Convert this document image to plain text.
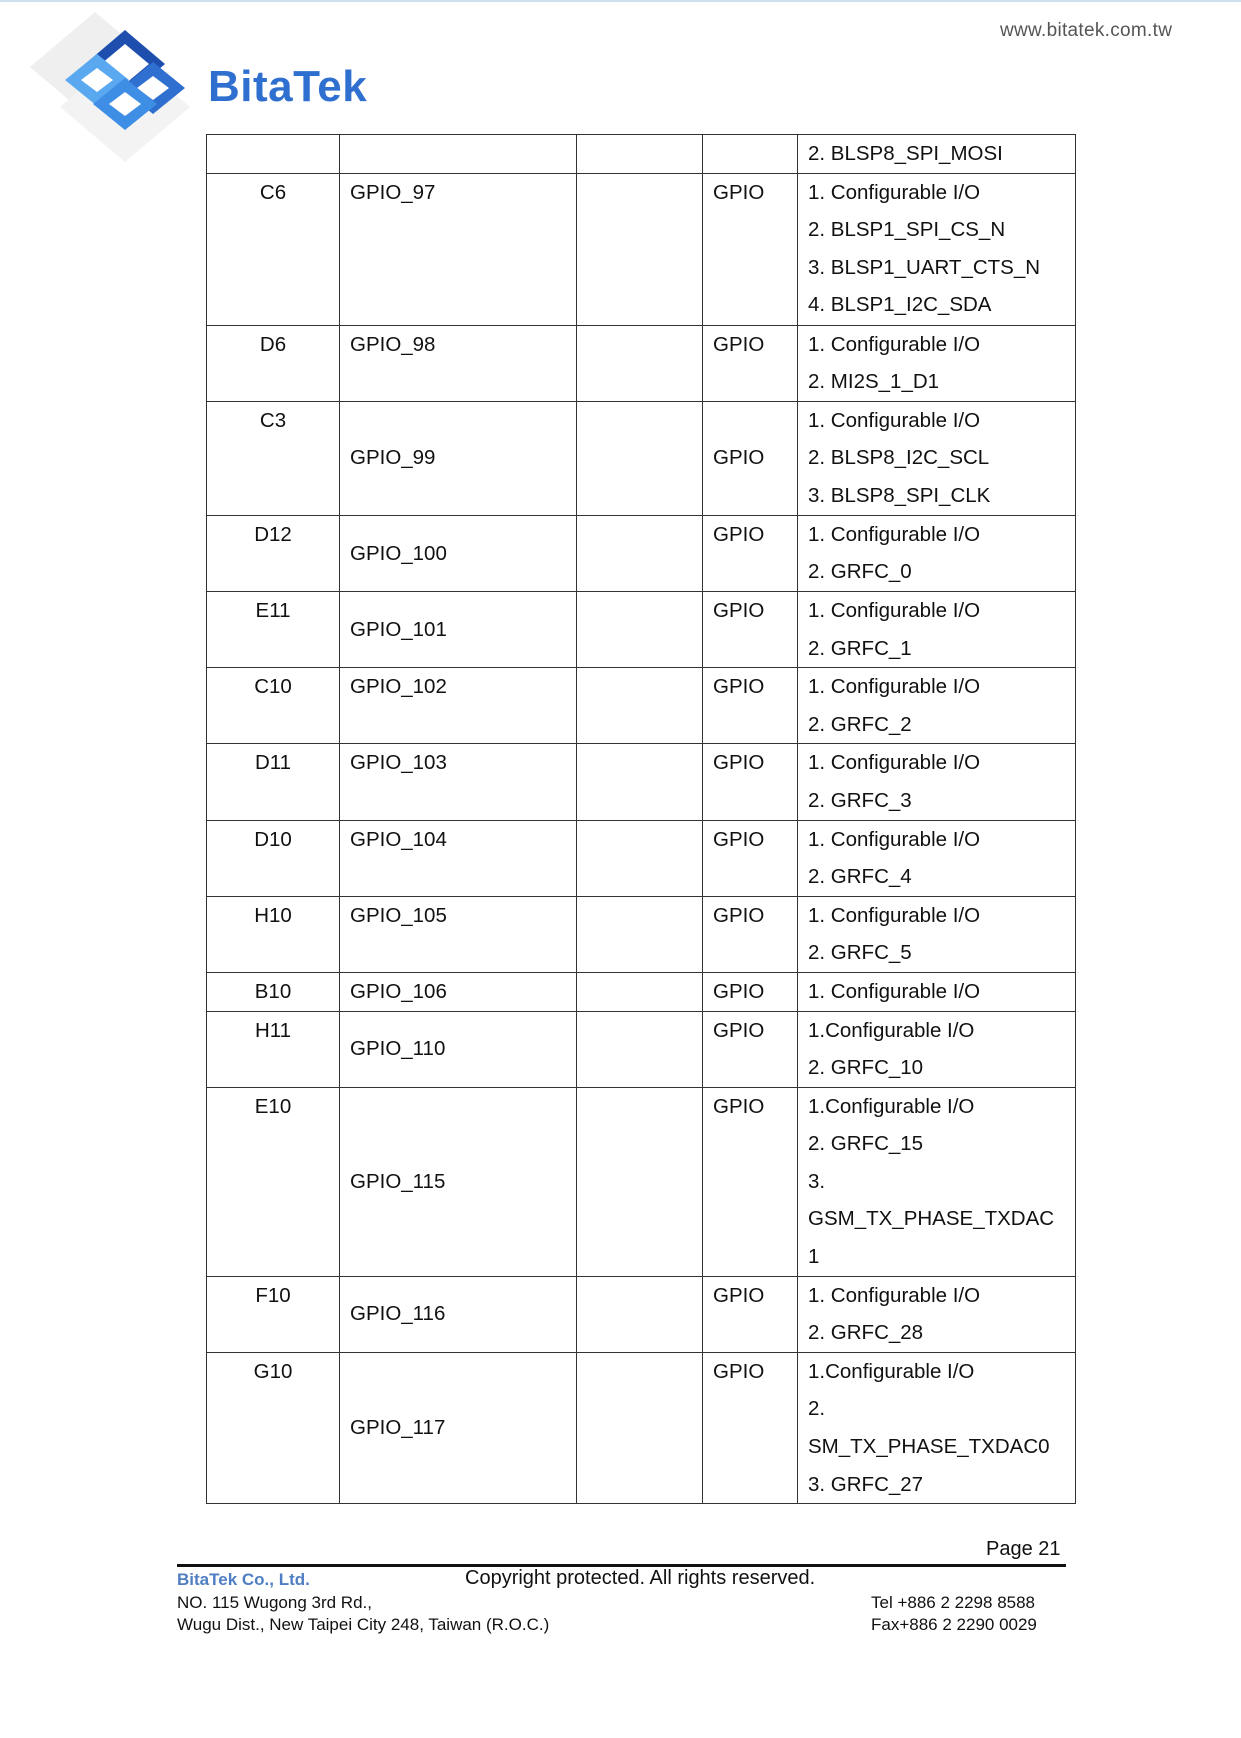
BitaTek
www.bitatek.com.tw

				2. BLSP8_SPI_MOSI

C6	GPIO_97		GPIO	1. Configurable I/O
2. BLSP1_SPI_CS_N
3. BLSP1_UART_CTS_N
4. BLSP1_I2C_SDA

D6	GPIO_98		GPIO	1. Configurable I/O
2. MI2S_1_D1

C3	GPIO_99		GPIO	1. Configurable I/O
2. BLSP8_I2C_SCL
3. BLSP8_SPI_CLK

D12	GPIO_100		GPIO	1. Configurable I/O
2. GRFC_0

E11	GPIO_101		GPIO	1. Configurable I/O
2. GRFC_1

C10	GPIO_102		GPIO	1. Configurable I/O
2. GRFC_2

D11	GPIO_103		GPIO	1. Configurable I/O
2. GRFC_3

D10	GPIO_104		GPIO	1. Configurable I/O
2. GRFC_4

H10	GPIO_105		GPIO	1. Configurable I/O
2. GRFC_5

B10	GPIO_106		GPIO	1. Configurable I/O

H11	GPIO_110		GPIO	1.Configurable I/O
2. GRFC_10

E10	GPIO_115		GPIO	1.Configurable I/O
2. GRFC_15
3.
GSM_TX_PHASE_TXDAC
1

F10	GPIO_116		GPIO	1. Configurable I/O
2. GRFC_28

G10	GPIO_117		GPIO	1.Configurable I/O
2.
SM_TX_PHASE_TXDAC0
3. GRFC_27
Page 21
BitaTek Co., Ltd.	Copyright protected. All rights reserved.
NO. 115 Wugong 3rd Rd.,
Wugu Dist., New Taipei City 248, Taiwan (R.O.C.)
Tel +886 2 2298 8588
Fax+886 2 2290 0029
